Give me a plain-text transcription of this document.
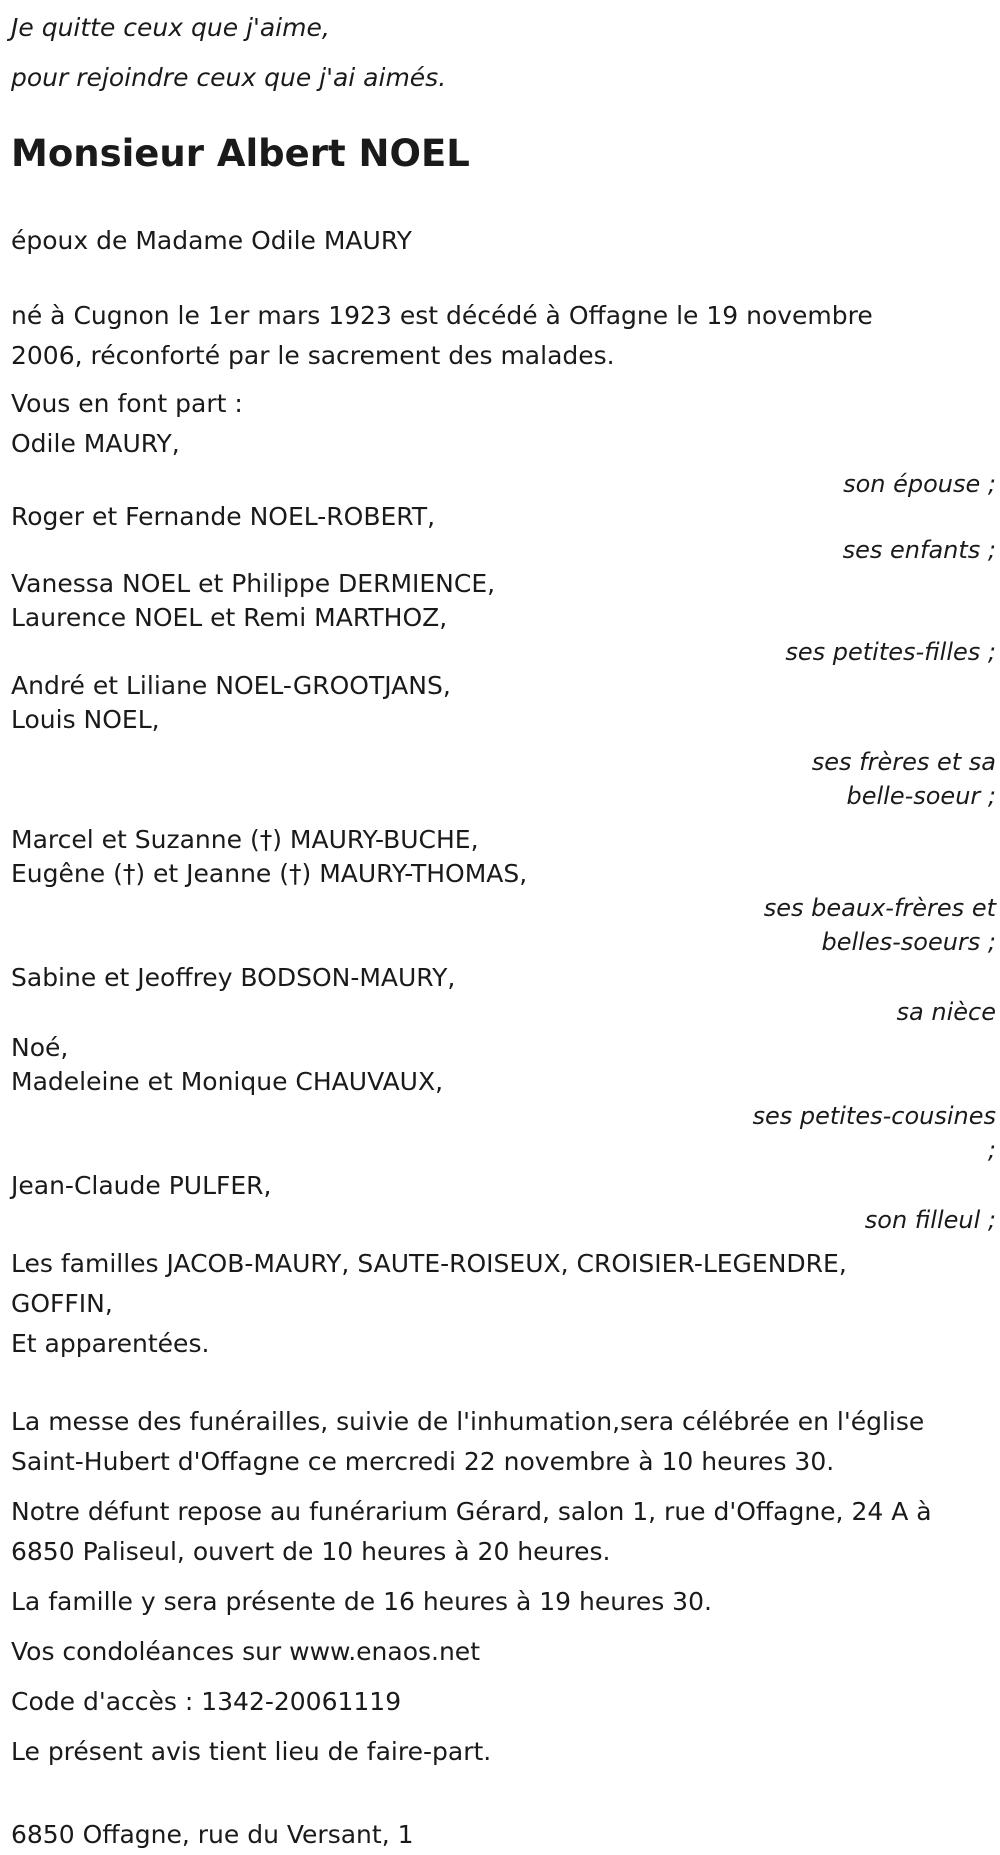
Je quitte ceux que j'aime,

pour rejoindre ceux que j'ai aimés.

Monsieur Albert NOEL

époux de Madame Odile MAURY

né à Cugnon le 1er mars 1923 est décédé à Offagne le 19 novembre

2006, réconforté par le sacrement des malades.

Vous en font part :

Odile MAURY,

son épouse ;

Roger et Fernande NOEL-ROBERT,

ses enfants ;

Vanessa NOEL et Philippe DERMIENCE,

Laurence NOEL et Remi MARTHOZ,

ses petites-filles ;

André et Liliane NOEL-GROOTJANS,

Louis NOEL,

ses frères et sa

belle-soeur ;

Marcel et Suzanne (†) MAURY-BUCHE,

Eugêne (†) et Jeanne (†) MAURY-THOMAS,

ses beaux-frères et

belles-soeurs ;

Sabine et Jeoffrey BODSON-MAURY,

sa nièce

Noé,

Madeleine et Monique CHAUVAUX,

ses petites-cousines

;

Jean-Claude PULFER,

son filleul ;

Les familles JACOB-MAURY, SAUTE-ROISEUX, CROISIER-LEGENDRE,

GOFFIN,

Et apparentées.

La messe des funérailles, suivie de l'inhumation,sera célébrée en l'église

Saint-Hubert d'Offagne ce mercredi 22 novembre à 10 heures 30.

Notre défunt repose au funérarium Gérard, salon 1, rue d'Offagne, 24 A à

6850 Paliseul, ouvert de 10 heures à 20 heures.

La famille y sera présente de 16 heures à 19 heures 30.

Vos condoléances sur www.enaos.net

Code d'accès : 1342-20061119

Le présent avis tient lieu de faire-part.

6850 Offagne, rue du Versant, 1
